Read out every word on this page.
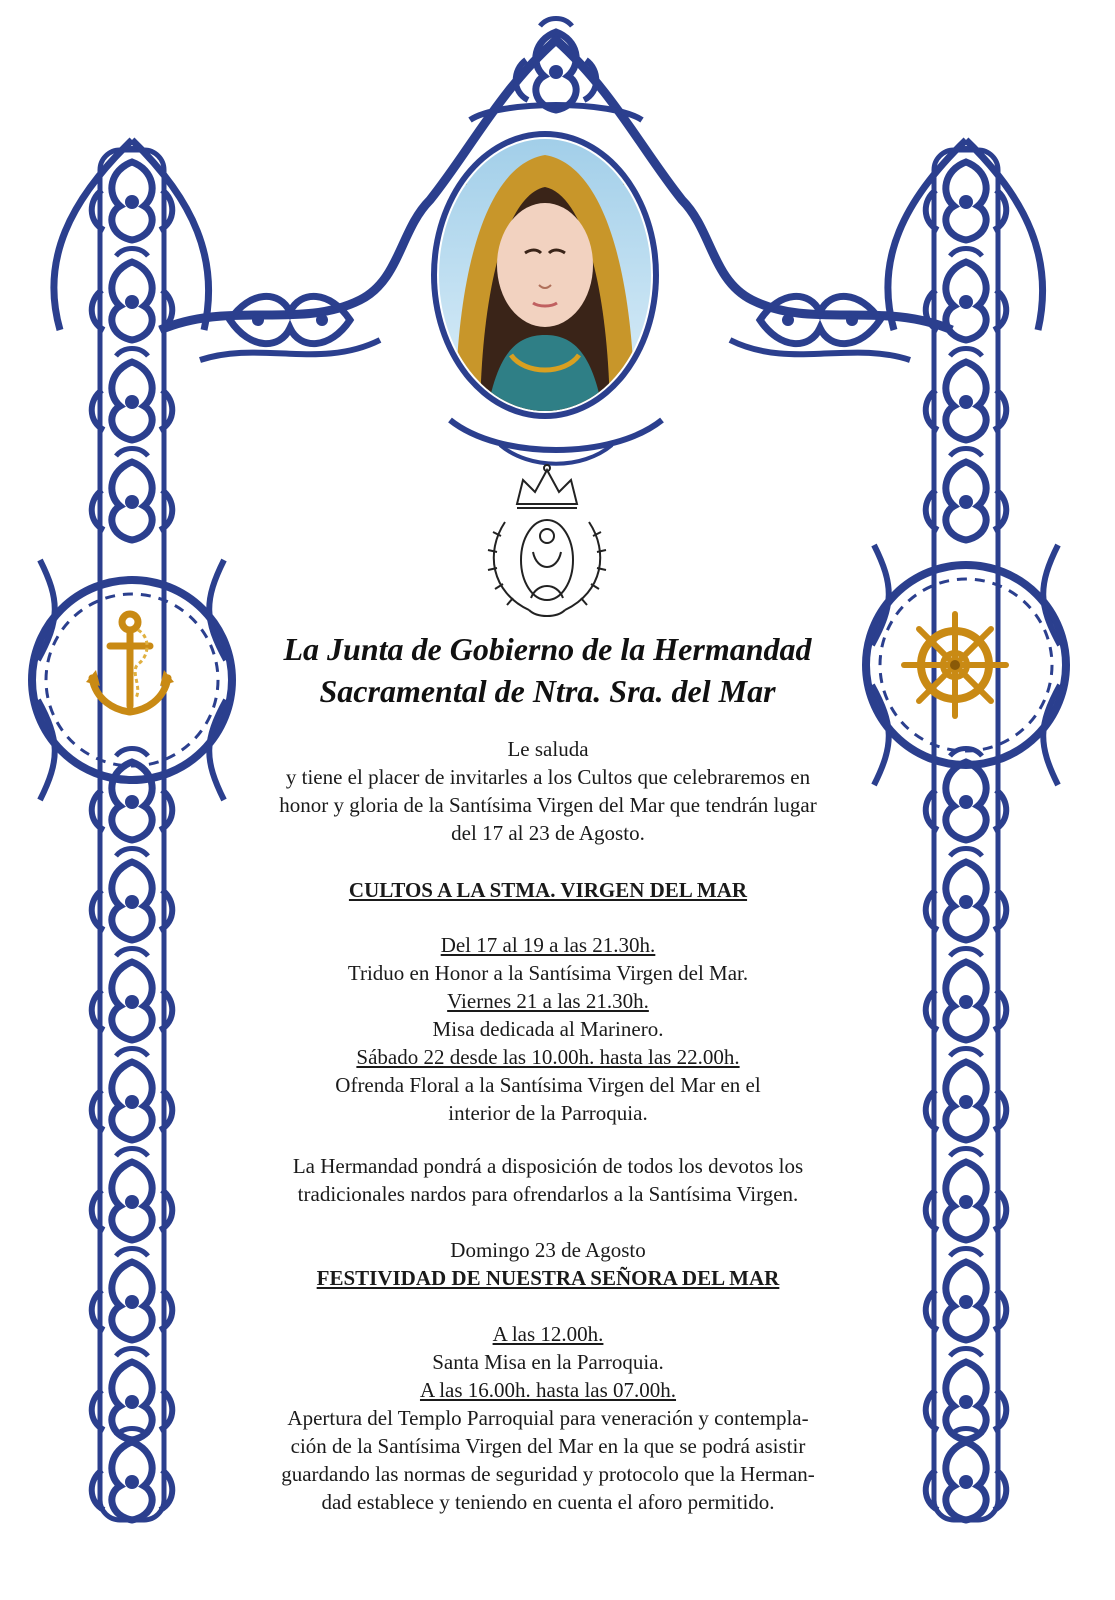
La Junta de Gobierno de la Hermandad
Sacramental de Ntra. Sra. del Mar
Le saluda
y tiene el placer de invitarles a los Cultos que celebraremos en
honor y gloria de la Santísima Virgen del Mar que tendrán lugar
del 17 al 23 de Agosto.
CULTOS A LA STMA. VIRGEN DEL MAR
Del 17 al 19 a las 21.30h.
Triduo en Honor a la Santísima Virgen del Mar.
Viernes 21 a las 21.30h.
Misa dedicada al Marinero.
Sábado 22 desde las 10.00h. hasta las 22.00h.
Ofrenda Floral a la Santísima Virgen del Mar en el
interior de la Parroquia.
La Hermandad pondrá a disposición de todos los devotos los
tradicionales nardos para ofrendarlos a la Santísima Virgen.
Domingo 23 de Agosto
FESTIVIDAD DE NUESTRA SEÑORA DEL MAR
A las 12.00h.
Santa Misa en la Parroquia.
A las 16.00h. hasta las 07.00h.
Apertura del Templo Parroquial para veneración y contempla-
ción de la Santísima Virgen del Mar en la que se podrá asistir
guardando las normas de seguridad y protocolo que la Herman-
dad establece y teniendo en cuenta el aforo permitido.
